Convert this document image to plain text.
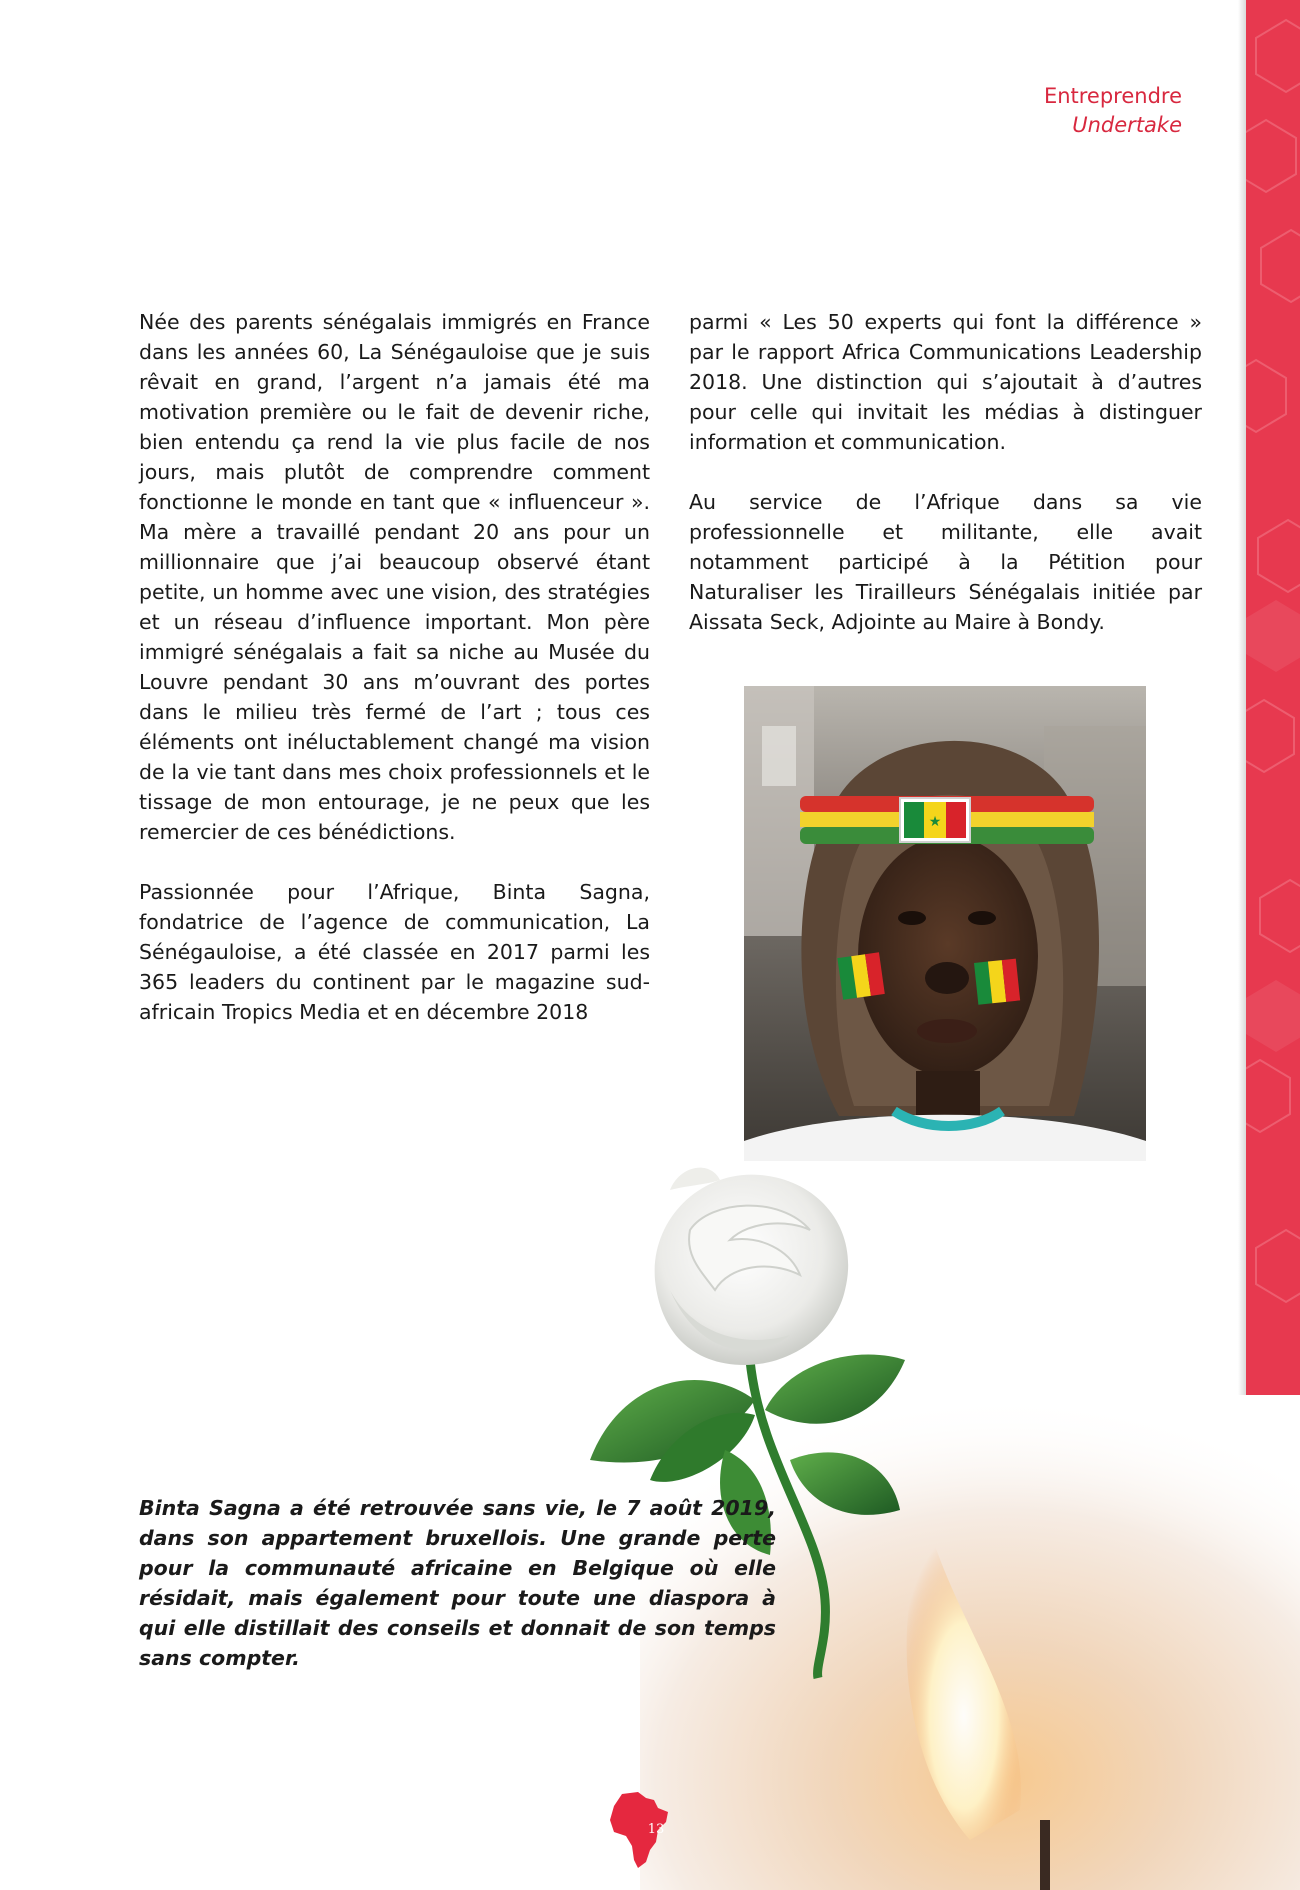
Entreprendre
Undertake

Née des parents sénégalais immigrés en France dans les années 60, La Sénégauloise que je suis rêvait en grand, l’argent n’a jamais été ma motivation première ou le fait de devenir riche, bien entendu ça rend la vie plus facile de nos jours, mais plutôt de comprendre comment fonctionne le monde en tant que « influenceur ». Ma mère a travaillé pendant 20 ans pour un millionnaire que j’ai beaucoup observé étant petite, un homme avec une vision, des stratégies et un réseau d’influence important. Mon père immigré sénégalais a fait sa niche au Musée du Louvre pendant 30 ans m’ouvrant des portes dans le milieu très fermé de l’art ; tous ces éléments ont inéluctablement changé ma vision de la vie tant dans mes choix professionnels et le tissage de mon entourage, je ne peux que les remercier de ces bénédictions.

Passionnée pour l’Afrique, Binta Sagna, fondatrice de l’agence de communication, La Sénégauloise, a été classée en 2017 parmi les 365 leaders du continent par le magazine sud-africain Tropics Media et en décembre 2018

parmi « Les 50 experts qui font la différence » par le rapport Africa Communications Leadership 2018. Une distinction qui s’ajoutait à d’autres pour celle qui invitait les médias à distinguer information et communication.

Au service de l’Afrique dans sa vie professionnelle et militante, elle avait notamment participé à la Pétition pour Naturaliser les Tirailleurs Sénégalais initiée par Aissata Seck, Adjointe au Maire à Bondy.

★
Binta Sagna a été retrouvée sans vie, le 7 août 2019, dans son appartement bruxellois. Une grande perte pour la communauté africaine en Belgique où elle résidait, mais également pour toute une diaspora à qui elle distillait des conseils et donnait de son temps sans compter.
13
